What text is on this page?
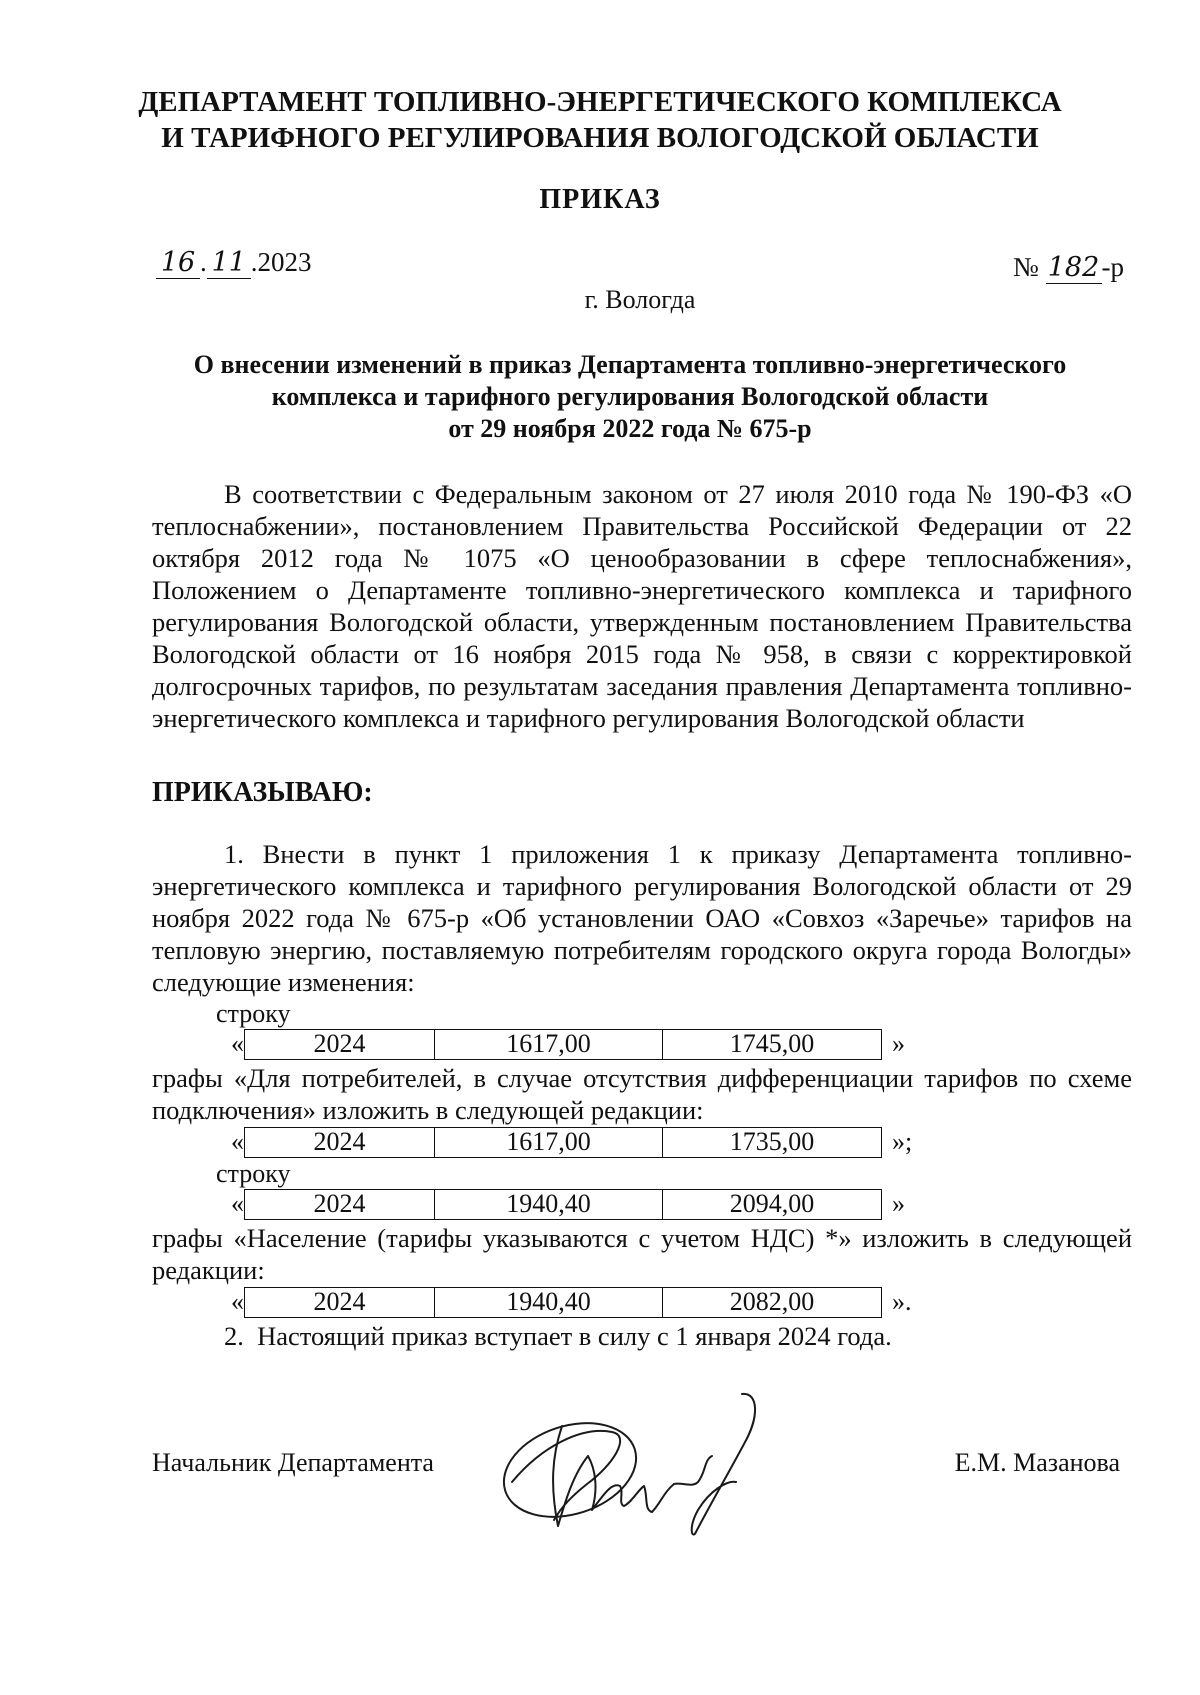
ДЕПАРТАМЕНТ ТОПЛИВНО-ЭНЕРГЕТИЧЕСКОГО КОМПЛЕКСА
И ТАРИФНОГО РЕГУЛИРОВАНИЯ ВОЛОГОДСКОЙ ОБЛАСТИ
ПРИКАЗ
16 . 11 .2023	№ 182-р
г. Вологда
О внесении изменений в приказ Департамента топливно-энергетического
комплекса и тарифного регулирования Вологодской области
от 29 ноября 2022 года № 675-р
В соответствии с Федеральным законом от 27 июля 2010 года № 190-ФЗ «О теплоснабжении», постановлением Правительства Российской Федерации от 22 октября 2012 года № 1075 «О ценообразовании в сфере теплоснабжения», Положением о Департаменте топливно-энергетического комплекса и тарифного регулирования Вологодской области, утвержденным постановлением Правительства Вологодской области от 16 ноября 2015 года № 958, в связи с корректировкой долгосрочных тарифов, по результатам заседания правления Департамента топливно-энергетического комплекса и тарифного регулирования Вологодской области
ПРИКАЗЫВАЮ:

1. Внести в пункт 1 приложения 1 к приказу Департамента топливно-энергетического комплекса и тарифного регулирования Вологодской области от 29 ноября 2022 года № 675-р «Об установлении ОАО «Совхоз «Заречье» тарифов на тепловую энергию, поставляемую потребителям городского округа города Вологды» следующие изменения:

строку
«	2024	1617,00	1745,00	»
графы «Для потребителей, в случае отсутствия дифференциации тарифов по схеме подключения» изложить в следующей редакции:
«	2024	1617,00	1735,00	»;
строку
«	2024	1940,40	2094,00	»
графы «Население (тарифы указываются с учетом НДС) *» изложить в следующей редакции:
«	2024	1940,40	2082,00	».
2.  Настоящий приказ вступает в силу с 1 января 2024 года.
Начальник Департамента	Е.М. Мазанова
